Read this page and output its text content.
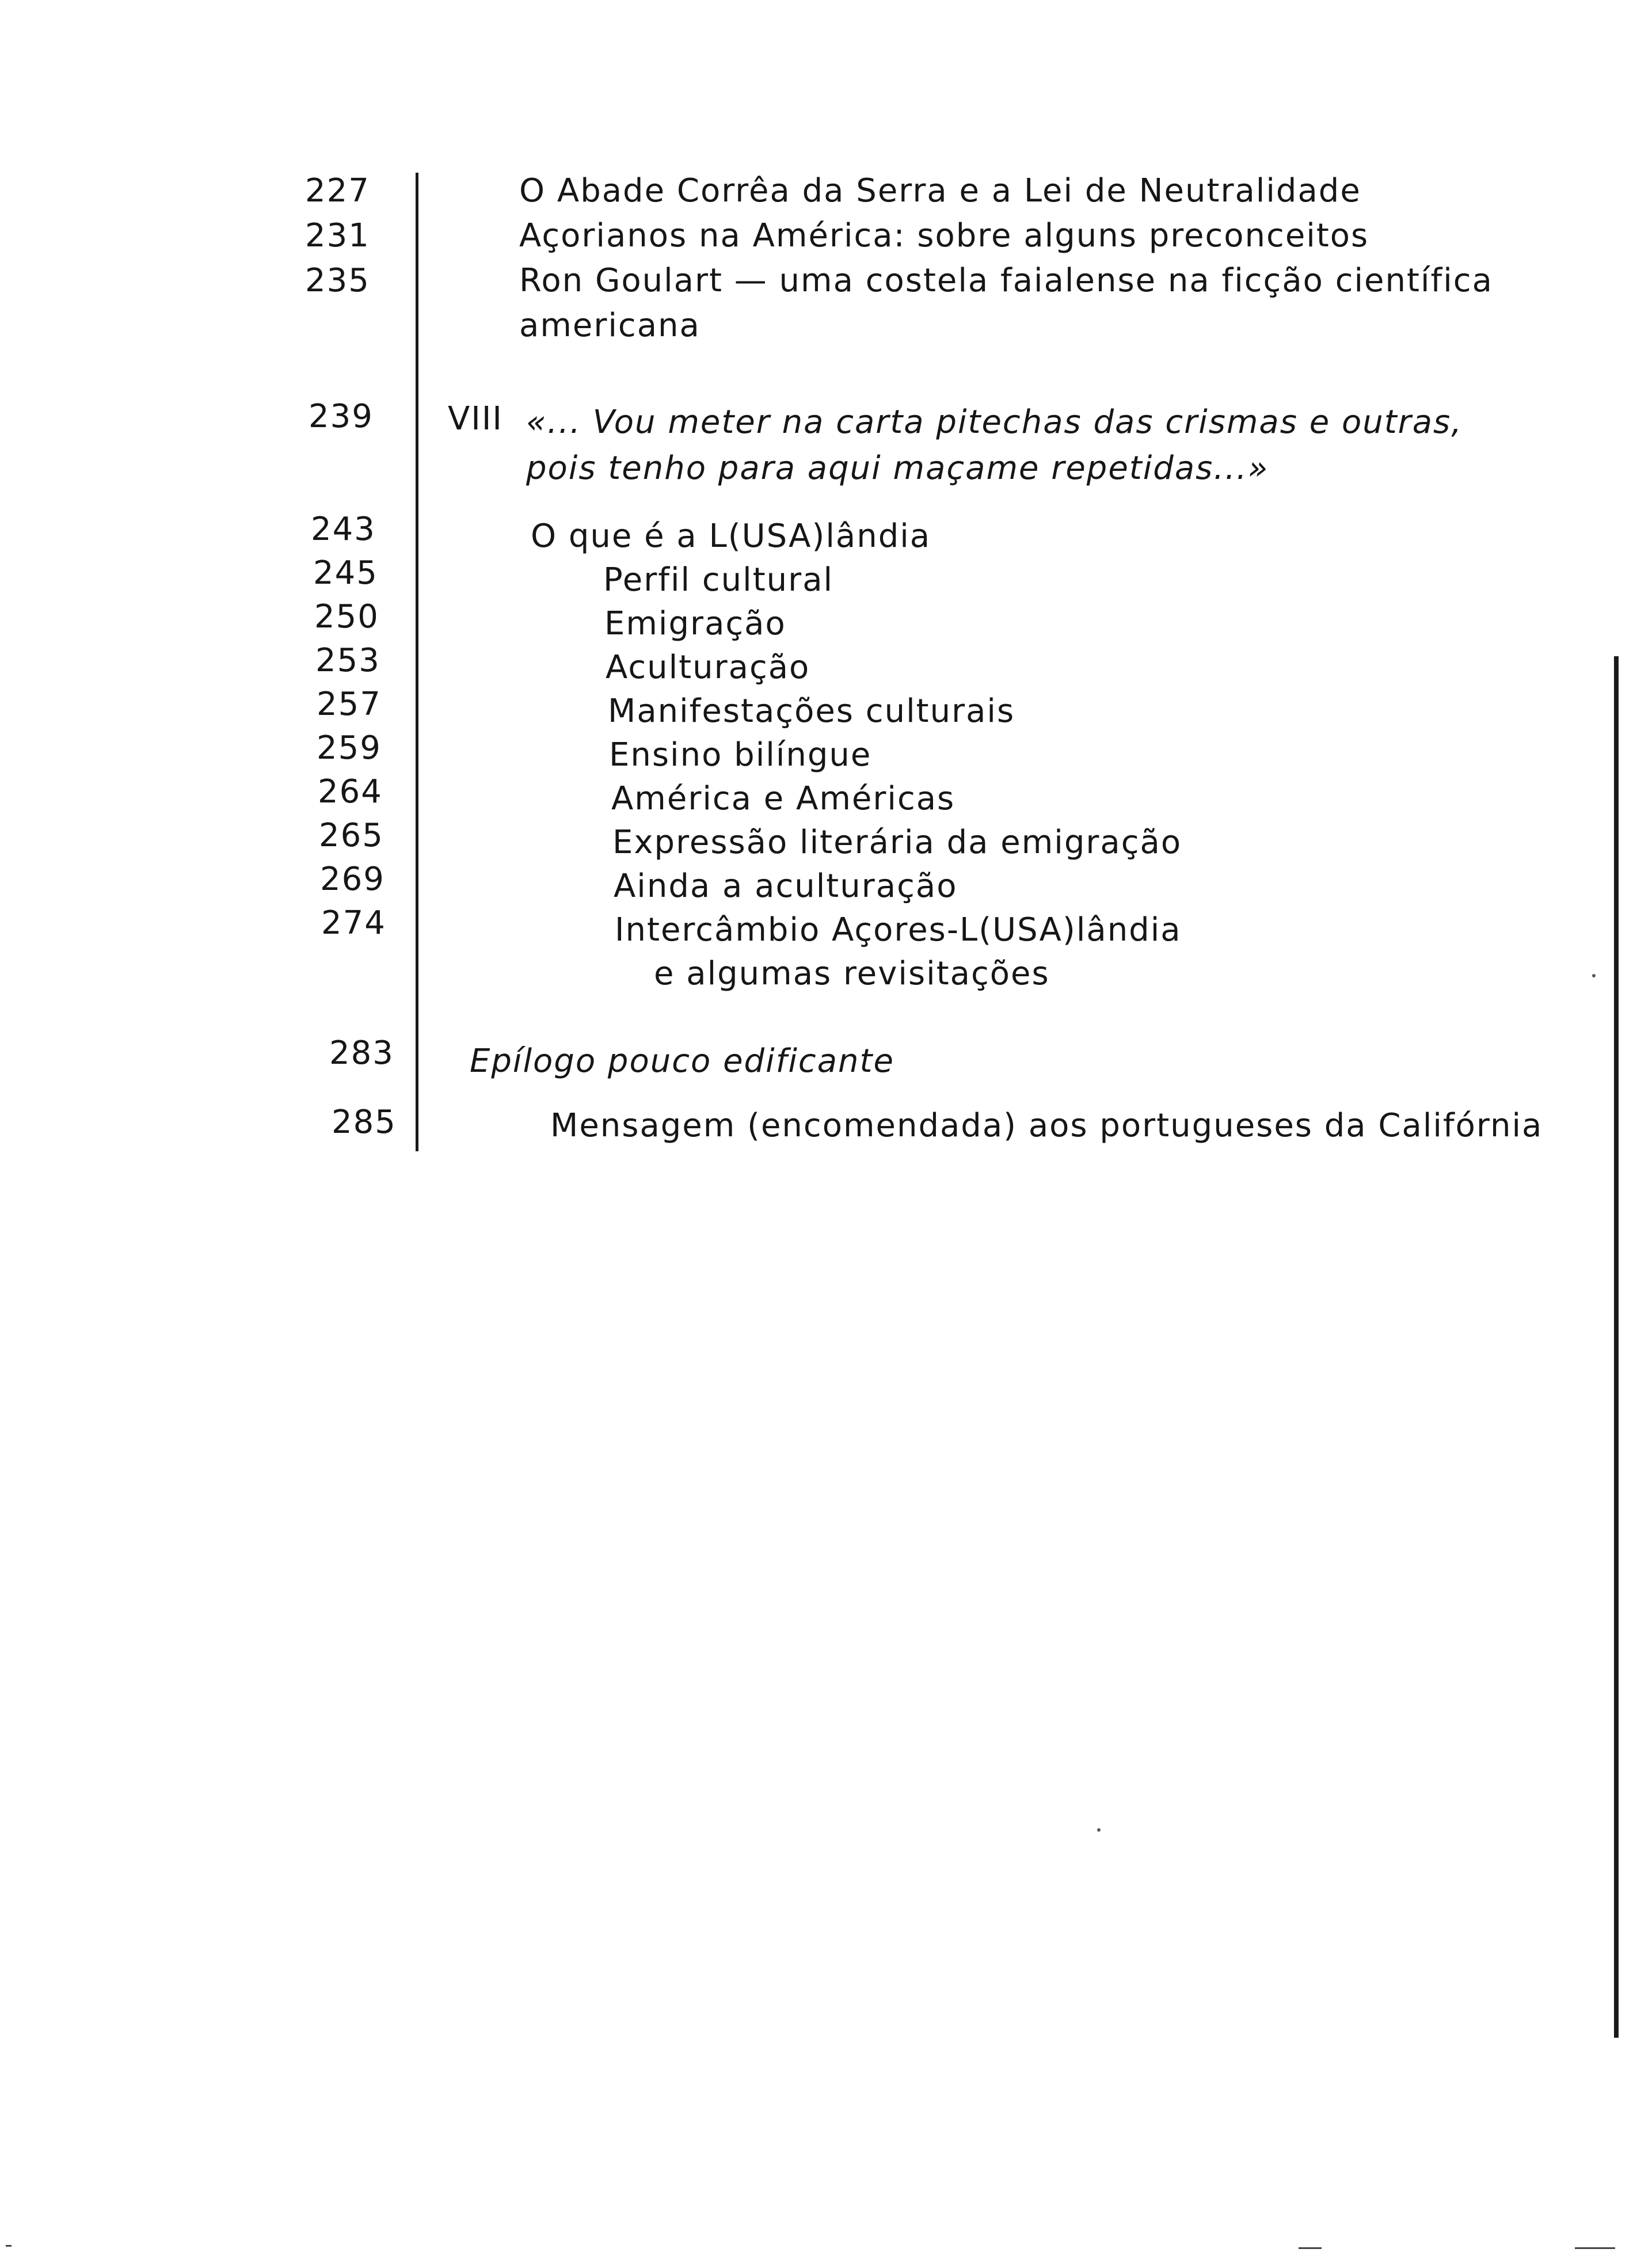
227	O Abade Corrêa da Serra e a Lei de Neutralidade
231	Açorianos na América: sobre alguns preconceitos
235	Ron Goulart — uma costela faialense na ficção científica
americana
239 VIII «... Vou meter na carta pitechas das crismas e outras,
pois tenho para aqui maçame repetidas...»
243	O que é a L(USA)lândia
245	Perfil cultural
250	Emigração
253	Aculturação
257	Manifestações culturais
259	Ensino bilíngue
264	América e Américas
265	Expressão literária da emigração
269	Ainda a aculturação
274	Intercâmbio Açores-L(USA)lândia
e algumas revisitações
283 Epílogo pouco edificante
285	Mensagem (encomendada) aos portugueses da Califórnia
